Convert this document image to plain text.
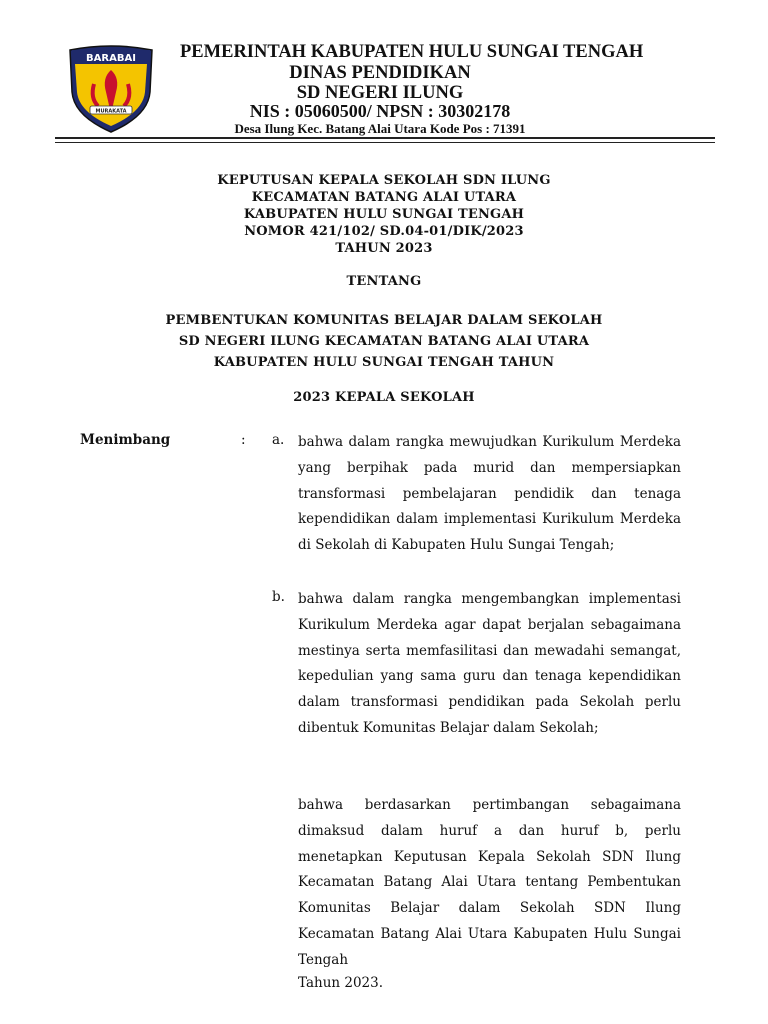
BARABAI
MURAKATA
PEMERINTAH KABUPATEN HULU SUNGAI TENGAH
DINAS PENDIDIKAN
SD NEGERI ILUNG
NIS : 05060500/ NPSN : 30302178
Desa Ilung Kec. Batang Alai Utara Kode Pos : 71391
KEPUTUSAN KEPALA SEKOLAH SDN ILUNG
KECAMATAN BATANG ALAI UTARA
KABUPATEN HULU SUNGAI TENGAH
NOMOR 421/102/ SD.04-01/DIK/2023
TAHUN 2023
TENTANG
PEMBENTUKAN KOMUNITAS BELAJAR DALAM SEKOLAH
SD NEGERI ILUNG KECAMATAN BATANG ALAI UTARA
KABUPATEN HULU SUNGAI TENGAH TAHUN
2023 KEPALA SEKOLAH
Menimbang	: a. bahwa dalam rangka mewujudkan Kurikulum Merdeka yang berpihak pada murid dan mempersiapkan transformasi pembelajaran pendidik dan tenaga kependidikan dalam implementasi Kurikulum Merdeka di Sekolah di Kabupaten Hulu Sungai Tengah;
b. bahwa dalam rangka mengembangkan implementasi Kurikulum Merdeka agar dapat berjalan sebagaimana mestinya serta memfasilitasi dan mewadahi semangat, kepedulian yang sama guru dan tenaga kependidikan dalam transformasi pendidikan pada Sekolah perlu dibentuk Komunitas Belajar dalam Sekolah;
bahwa berdasarkan pertimbangan sebagaimana dimaksud dalam huruf a dan huruf b, perlu menetapkan Keputusan Kepala Sekolah SDN Ilung Kecamatan Batang Alai Utara tentang Pembentukan Komunitas Belajar dalam Sekolah SDN Ilung Kecamatan Batang Alai Utara Kabupaten Hulu Sungai Tengah
Tahun 2023.
